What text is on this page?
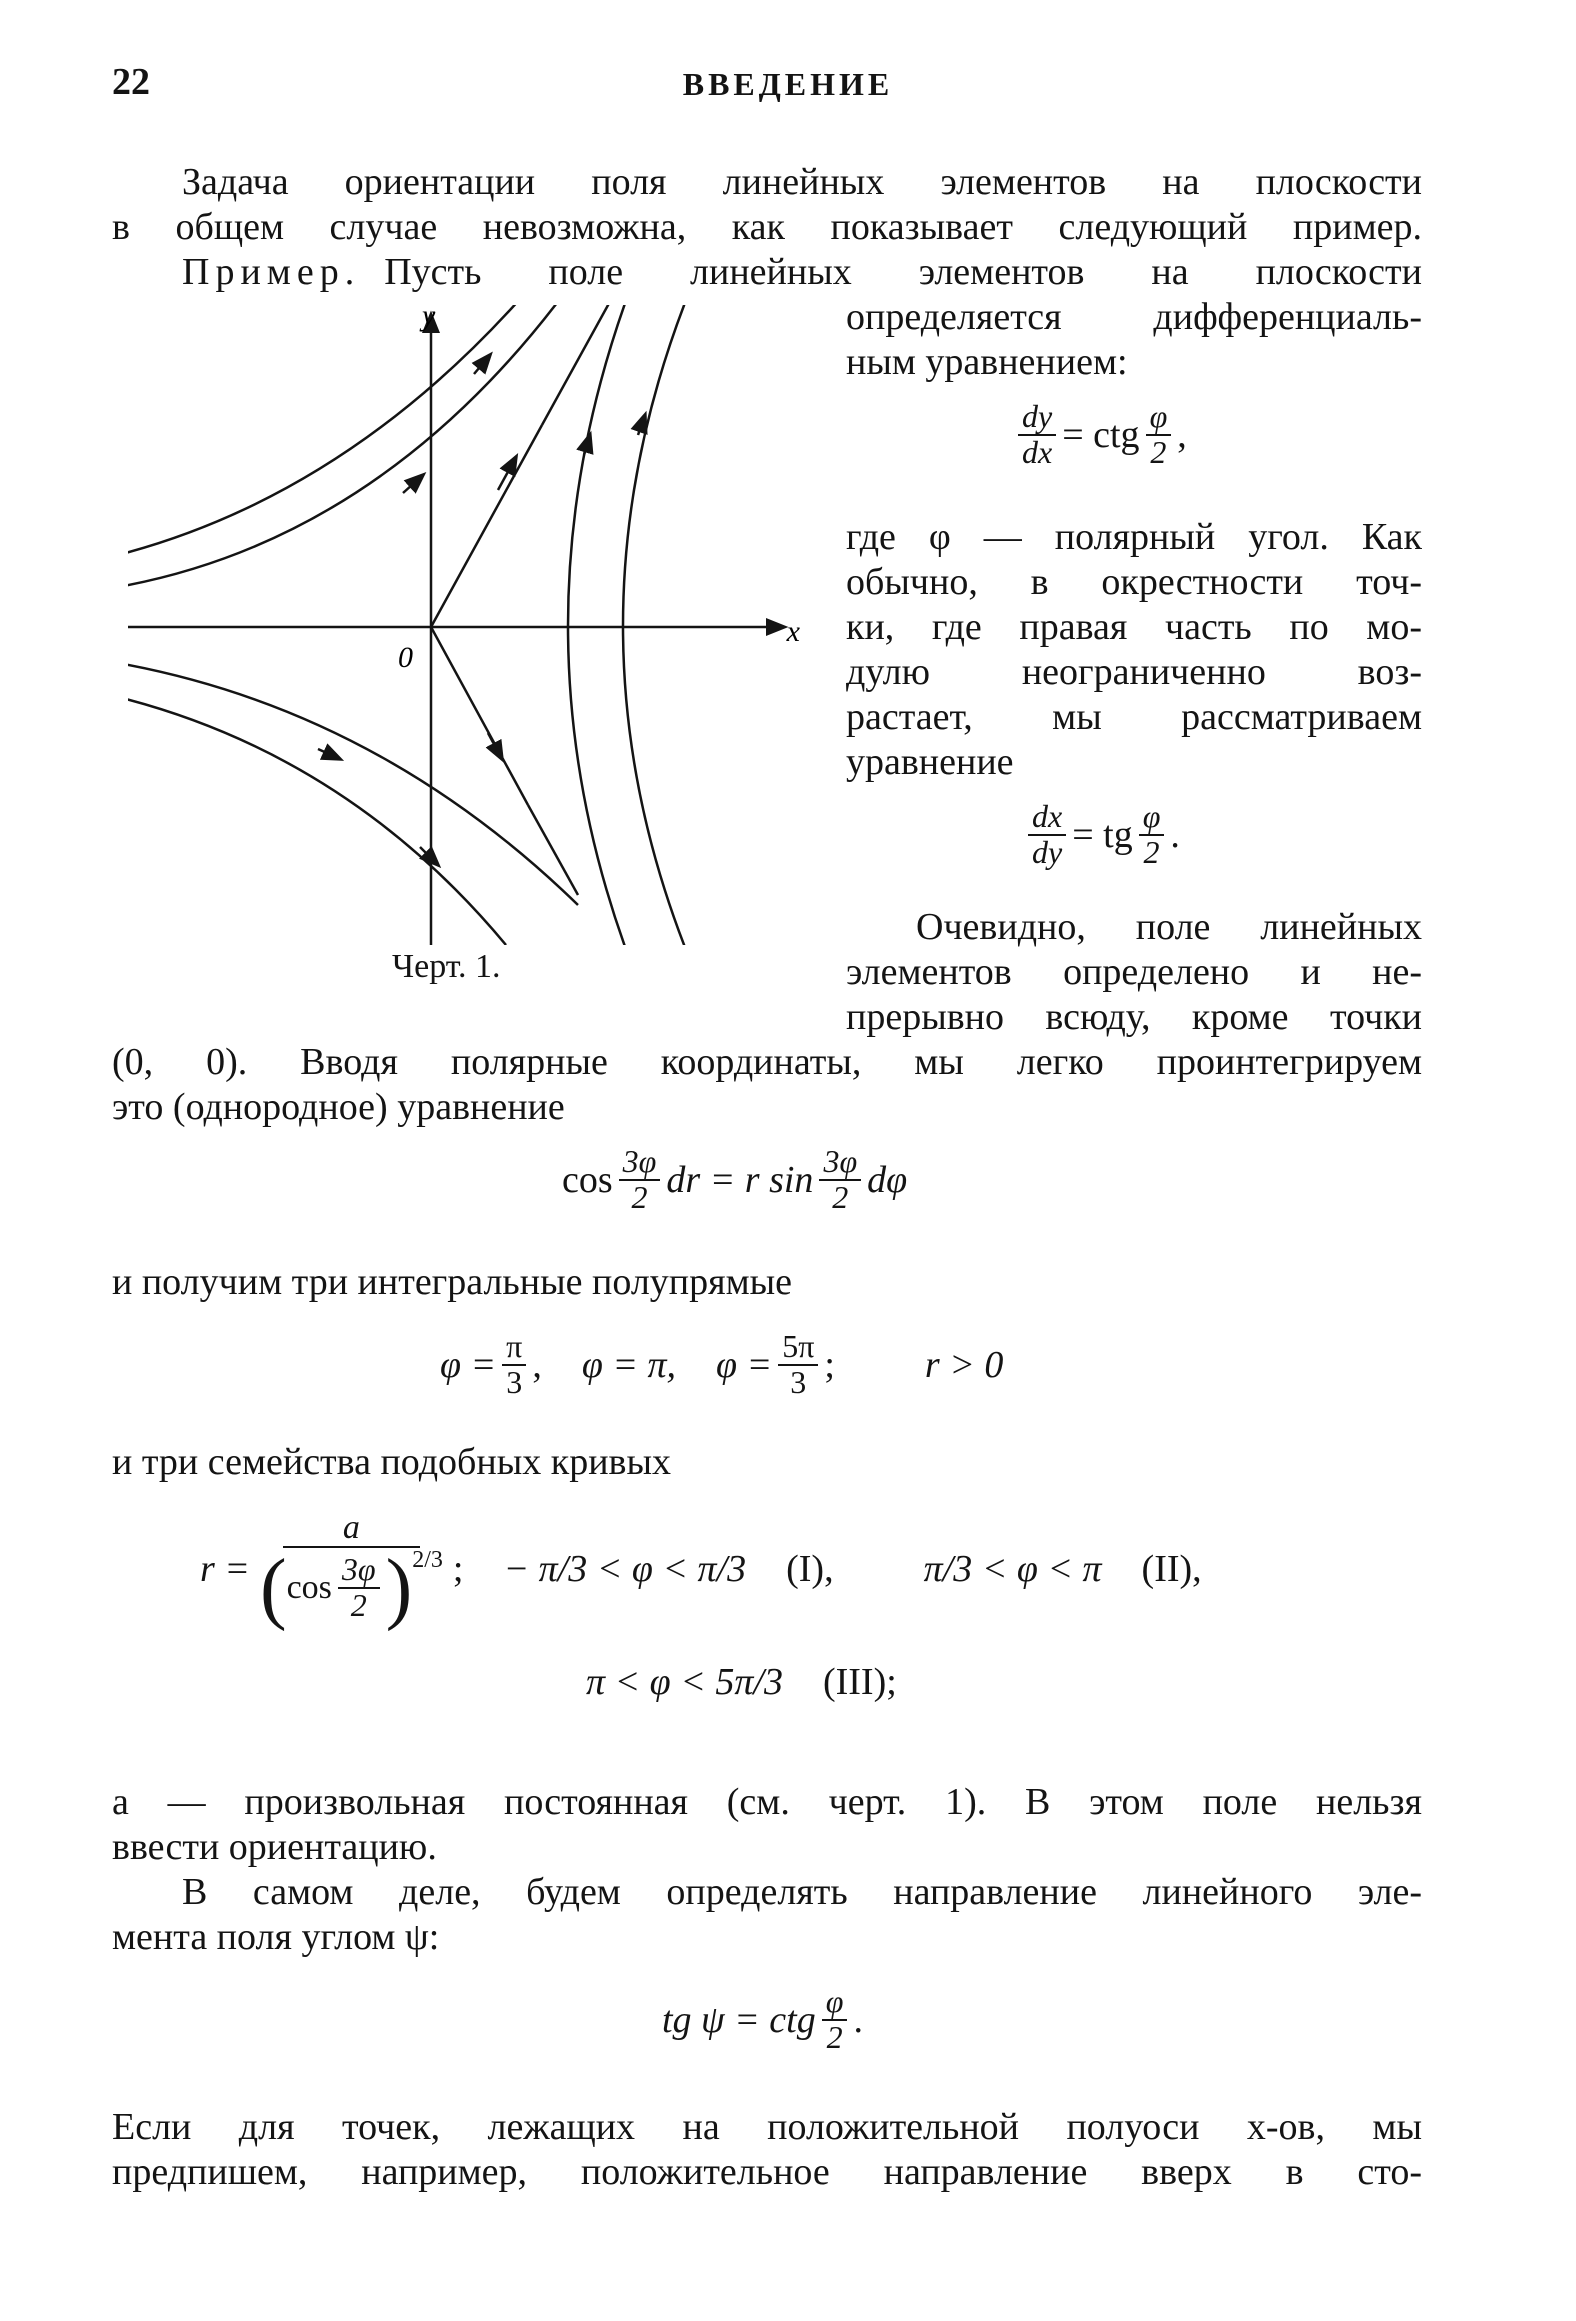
22	ВВЕДЕНИЕ
Задача ориентации поля линейных элементов на плоскости
в общем случае невозможна, как показывает следующий пример.
Пример. Пусть поле линейных элементов на плоскости
определяется дифференциаль-
ным уравнением:
$\frac{dy}{dx}$ = ctg $\frac{\varphi}{2}$ ,
где φ — полярный угол. Как
обычно, в окрестности точ-
ки, где правая часть по мо-
дулю неограниченно воз-
растает, мы рассматриваем
уравнение
$\frac{dx}{dy}$ = tg $\frac{\varphi}{2}$ .
y
x
0
Черт. 1.
Очевидно, поле линейных
элементов определено и не-
прерывно всюду, кроме точки
(0, 0). Вводя полярные координаты, мы легко проинтегрируем
это (однородное) уравнение
$\cos \frac{3\varphi}{2}$ dr = r $\sin \frac{3\varphi}{2}$ dφ
и получим три интегральные полупрямые
$\varphi = \frac{\pi}{3}$ , φ = π, $\varphi = \frac{5\pi}{3}$ ; r > 0
и три семейства подобных кривых
$r = \frac{a}{( \cos \frac{3\varphi}{2} )^{2/3}}$ ; − π/3 < φ < π/3 (I), π/3 < φ < π (II),
π < φ < 5π/3 (III);
a — произвольная постоянная (см. черт. 1). В этом поле нельзя
ввести ориентацию.
В самом деле, будем определять направление линейного эле-
мента поля углом ψ:
tg ψ = ctg $\frac{\varphi}{2}$ .
Если для точек, лежащих на положительной полуоси x-ов, мы
предпишем, например, положительное направление вверх в сто-
